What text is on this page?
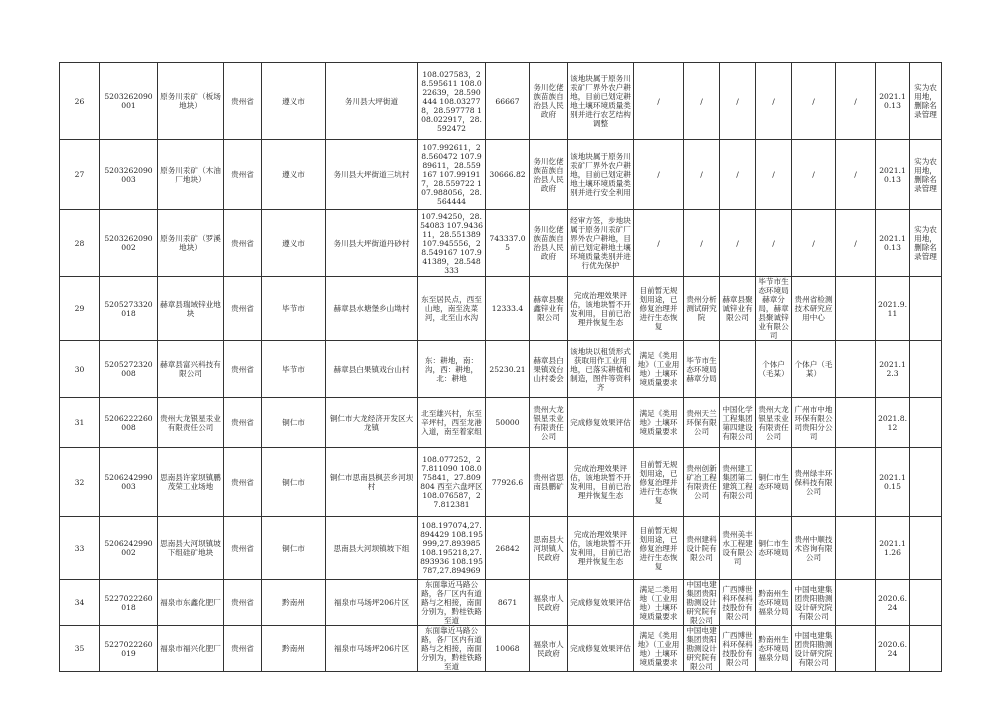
26	5203262090001	原务川汞矿（板场地块）	贵州省	遵义市	务川县大坪街道	108.027583，28.595611 108.022639，28.590444 108.032778，28.597778 108.022917，28.592472	66667	务川仡佬族苗族自治县人民政府	该地块属于原务川汞矿厂界外农户耕地，目前已划定耕地土壤环境质量类别并进行农艺结构调整	/	/	/	/	/	/	2021.10.13	实为农用地，删除名录管理
27	5203262090003	原务川汞矿（木油厂地块）	贵州省	遵义市	务川县大坪街道三坑村	107.992611，28.560472 107.989611，28.559167 107.991917，28.559722 107.988056，28.564444	30666.82	务川仡佬族苗族自治县人民政府	该地块属于原务川汞矿厂界外农户耕地，目前已划定耕地土壤环境质量类别并进行安全利用	/	/	/	/	/	/	2021.10.13	实为农用地，删除名录管理
28	5203262090002	原务川汞矿（罗溪地块）	贵州省	遵义市	务川县大坪街道丹砂村	107.94250，28.54083 107.943611，28.551389 107.945556，28.549167 107.941389，28.548333	743337.05	务川仡佬族苗族自治县人民政府	经审方签，步地块属于原务川汞矿厂界外农户耕地，目前已划定耕地土壤环境质量类别并进行优先保护	/	/	/	/	/	/	2021.10.13	实为农用地，删除名录管理
29	5205273320018	赫章县瑞域锌业地块	贵州省	毕节市	赫章县水塘堡乡山坳村	东至居民点，西至山地，南至洗菜河，北至山水沟	12333.4	赫章县聚鑫锌业有限公司	完成治理效果评估，该地块暂不开发利用，目前已治理并恢复生态	目前暂无规划用途，已修复治理并进行生态恢复	贵州分析测试研究院	赫章县聚诚锌业有限公司	毕节市生态环境局赫章分局，赫章县聚诚锌业有限公司	贵州省检测技术研究应用中心		2021.9.11	
30	5205272320008	赫章县富兴科技有限公司	贵州省	毕节市	赫章县白果镇戏台山村	东：耕地，南：沟，西：耕地，北：耕地	25230.21	赫章县白果镇戏台山村委会	该地块以租赁形式获取用作工业用地，已落实耕植和制造，图件等资料齐	满足《类用地》（工业用地）土壤环境质量要求	毕节市生态环境局赫章分局		个体户（毛某）	个体户（毛某）		2021.12.3	
31	5206222260008	贵州大龙银星汞业有限责任公司	贵州省	铜仁市	铜仁市大龙经济开发区大龙镇	北至雄兴村，东至辛坪村，西至龙港入道，南至着家组	50000	贵州大龙银星汞业有限责任公司	完成修复效果评估	满足《类用地》土壤环境质量要求	贵州天兰环保有限公司	中国化学工程集团第四建设有限公司	贵州大龙银星汞业有限责任公司	广州市中地环保有限公司贵阳分公司		2021.8.12	
32	5206242990003	思南县许家坝镇鹏茂荣工业场地	贵州省	铜仁市	铜仁市思南县枫芸乡河坝村	108.077252，27.811090 108.075841，27.809804 西至六盘坪区 108.076587，27.812381	77926.6	贵州省思南县鹏矿	完成治理效果评估，该地块暂不开发利用，目前已治理并恢复生态	目前暂无规划用途，已修复治理并进行生态恢复	贵州创新矿冶工程有限责任公司	贵州建工集团第二建筑工程有限公司	铜仁市生态环境局	贵州绿丰环保科技有限公司		2021.10.15	
33	5206242990002	思南县大河坝镇坡下组硅矿地块	贵州省	铜仁市	思南县大河坝镇坡下组	108.197074,27.894429 108.195999,27.893985 108.195218,27.893936 108.195787,27.894969	26842	思南县大河坝镇人民政府	完成治理效果评估，该地块暂不开发利用，目前已治理并恢复生态	目前暂无规划用途，已修复治理并进行生态恢复	贵州建科设计院有限公司	贵州美丰水工程建设有限公司	铜仁市生态环境局	贵州中顺技术咨询有限公司		2021.11.26	
34	5227022260018	福泉市东鑫化肥厂	贵州省	黔南州	福泉市马场坪206片区	东面靠近马路公路，各厂区内有道路与之相接，南面分别为，黔桂铁路至道	8671	福泉市人民政府	完成修复效果评估	满足二类用地（工业用地）土壤环境质量要求	中国电建集团贵阳勘测设计研究院有限公司	广西博世科环保科技股份有限公司	黔南州生态环境局福泉分局	中国电建集团贵阳勘测设计研究院有限公司		2020.6.24	
35	5227022260019	福泉市福兴化肥厂	贵州省	黔南州	福泉市马场坪206片区	东面靠近马路公路，各厂区内有道路与之相接，南面分别为，黔桂铁路至道	10068	福泉市人民政府	完成修复效果评估	满足《类用地》（工业用地）土壤环境质量要求	中国电建集团贵阳勘测设计研究院有限公司	广西博世科环保科技股份有限公司	黔南州生态环境局福泉分局	中国电建集团贵阳勘测设计研究院有限公司		2020.6.24	
